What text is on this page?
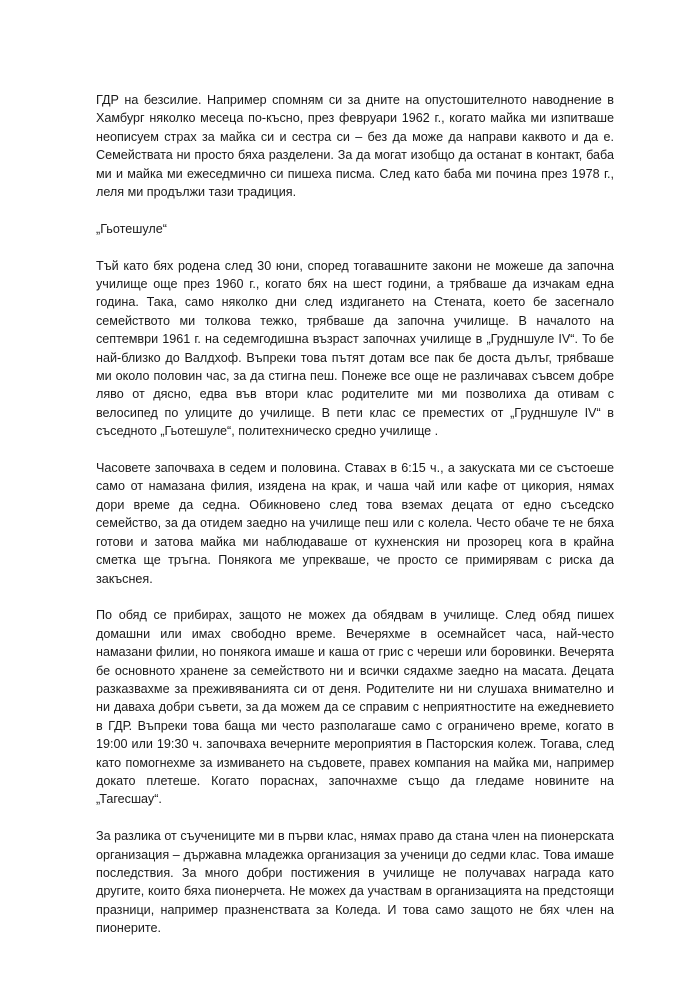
ГДР на безсилие. Например спомням си за дните на опустошителното наводнение в Хамбург няколко месеца по-късно, през февруари 1962 г., когато майка ми изпитваше неописуем страх за майка си и сестра си – без да може да направи каквото и да е. Семействата ни просто бяха разделени. За да могат изобщо да останат в контакт, баба ми и майка ми ежеседмично си пишеха писма. След като баба ми почина през 1978 г., леля ми продължи тази традиция.

„Гьотешуле“

Тъй като бях родена след 30 юни, според тогавашните закони не можеше да започна училище още през 1960 г., когато бях на шест години, а трябваше да изчакам една година. Така, само няколко дни след издигането на Стената, което бе засегнало семейството ми толкова тежко, трябваше да започна училище. В началото на септември 1961 г. на седемгодишна възраст започнах училище в „Грудншуле IV“. То бе най-близко до Валдхоф. Въпреки това пътят дотам все пак бе доста дълъг, трябваше ми около половин час, за да стигна пеш. Понеже все още не различавах съвсем добре ляво от дясно, едва във втори клас родителите ми ми позволиха да отивам с велосипед по улиците до училище. В пети клас се преместих от „Грудншуле IV“ в съседното „Гьотешуле“, политехническо средно училище .

Часовете започваха в седем и половина. Ставах в 6:15 ч., а закуската ми се състоеше само от намазана филия, изядена на крак, и чаша чай или кафе от цикория, нямах дори време да седна. Обикновено след това вземах децата от едно съседско семейство, за да отидем заедно на училище пеш или с колела. Често обаче те не бяха готови и затова майка ми наблюдаваше от кухненския ни прозорец кога в крайна сметка ще тръгна. Понякога ме упрекваше, че просто се примирявам с риска да закъснея.

По обяд се прибирах, защото не можех да обядвам в училище. След обяд пишех домашни или имах свободно време. Вечеряхме в осемнайсет часа, най-често намазани филии, но понякога имаше и каша от грис с череши или боровинки. Вечерята бе основното хранене за семейството ни и всички сядахме заедно на масата. Децата разказвахме за преживяванията си от деня. Родителите ни ни слушаха внимателно и ни даваха добри съвети, за да можем да се справим с неприятностите на ежедневието в ГДР. Въпреки това баща ми често разполагаше само с ограничено време, когато в 19:00 или 19:30 ч. започваха вечерните мероприятия в Пасторския колеж. Тогава, след като помогнехме за измиването на съдовете, правех компания на майка ми, например докато плетеше. Когато пораснах, започнахме също да гледаме новините на „Тагесшау“.

За разлика от съучениците ми в първи клас, нямах право да стана член на пионерската организация – държавна младежка организация за ученици до седми клас. Това имаше последствия. За много добри постижения в училище не получавах награда като другите, които бяха пионерчета. Не можех да участвам в организацията на предстоящи празници, например празненствата за Коледа. И това само защото не бях член на пионерите.
